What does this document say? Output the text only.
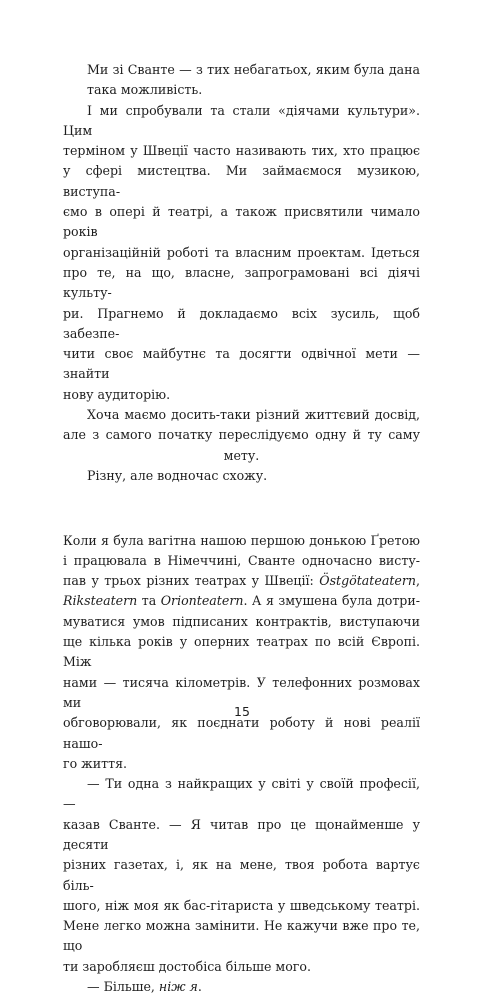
Ми зі Сванте — з тих небагатьох, яким була дана
така можливість.
І ми спробували та стали «діячами культури». Цим
терміном у Швеції часто називають тих, хто працює
у сфері мистецтва. Ми займаємося музикою, виступа-
ємо в опері й театрі, а також присвятили чимало років
організаційній роботі та власним проектам. Ідеться
про те, на що, власне, запрограмовані всі діячі культу-
ри. Прагнемо й докладаємо всіх зусиль, щоб забезпе-
чити своє майбутнє та досягти одвічної мети — знайти
нову аудиторію.
Хоча маємо досить-таки різний життєвий досвід,
але з самого початку переслідуємо одну й ту саму
мету.
Різну, але водночас схожу.
Коли я була вагітна нашою першою донькою Ґретою
і працювала в Німеччині, Сванте одночасно висту-
пав у трьох різних театрах у Швеції: Östgötateatern,
Riksteatern та Orionteatern. А я змушена була дотри-
муватися умов підписаних контрактів, виступаючи
ще кілька років у оперних театрах по всій Європі. Між
нами — тисяча кілометрів. У телефонних розмовах ми
обговорювали, як поєднати роботу й нові реалії нашо-
го життя.
— Ти одна з найкращих у світі у своїй професії, —
казав Сванте. — Я читав про це щонайменше у десяти
різних газетах, і, як на мене, твоя робота вартує біль-
шого, ніж моя як бас-гітариста у шведському театрі.
Мене легко можна замінити. Не кажучи вже про те, що
ти заробляєш достобіса більше мого.
— Більше, ніж я.
15
